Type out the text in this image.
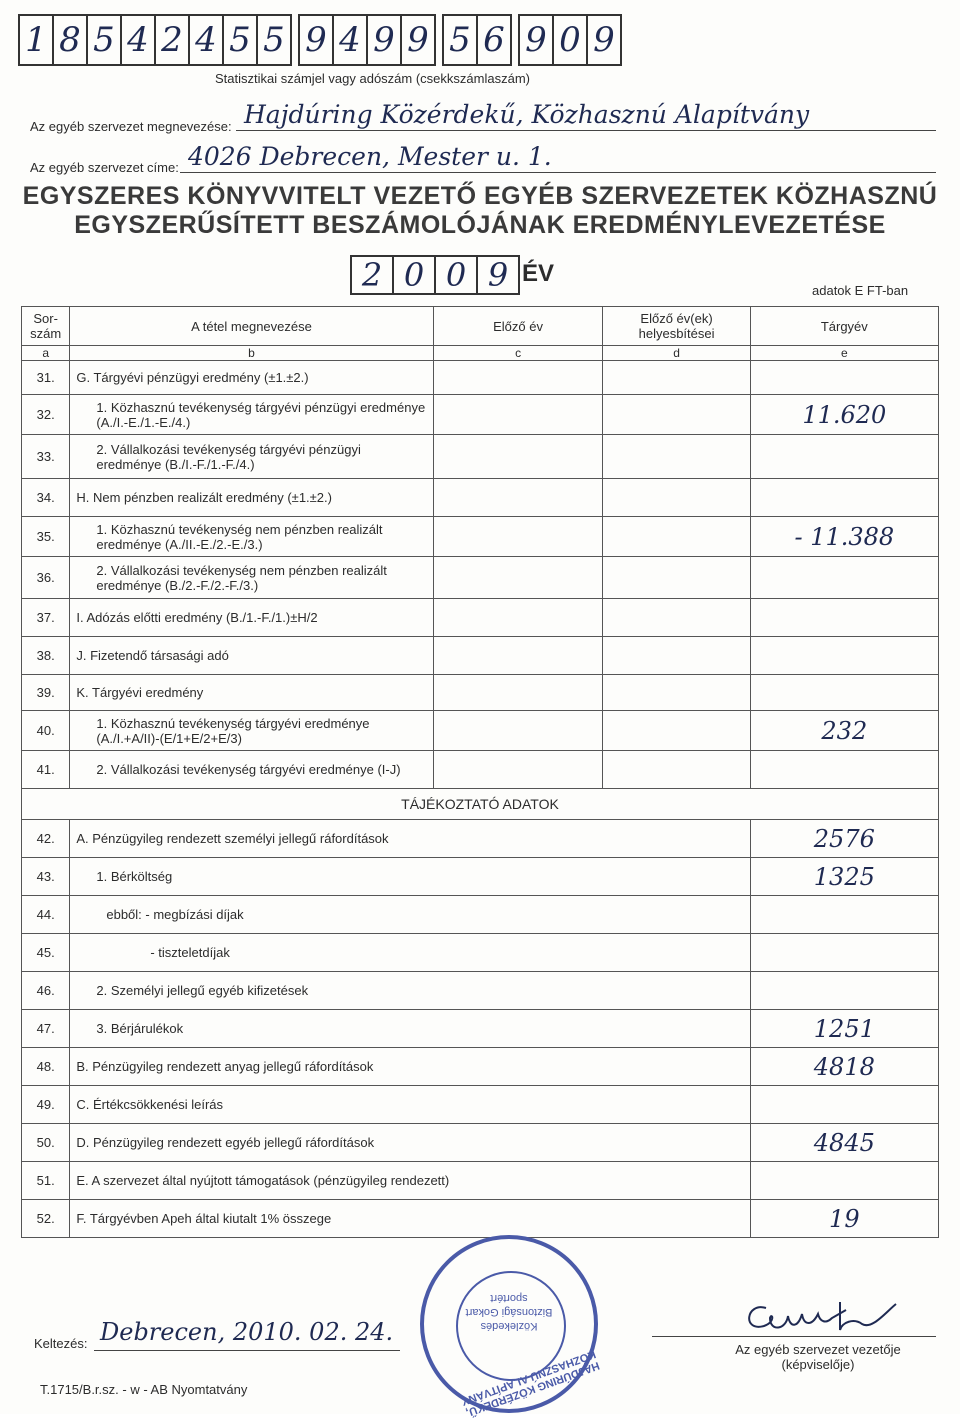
1 8 5 4 2 4 5 5 9 4 9 9 5 6 9 0 9
Statisztikai számjel vagy adószám (csekkszámlaszám)
Az egyéb szervezet megnevezése: Hajdúring Közérdekű, Közhasznú Alapítvány
Az egyéb szervezet címe: 4026 Debrecen, Mester u. 1.
EGYSZERES KÖNYVVITELT VEZETŐ EGYÉB SZERVEZETEK KÖZHASZNÚ
EGYSZERŰSÍTETT BESZÁMOLÓJÁNAK EREDMÉNYLEVEZETÉSE
2 0 0 9 ÉV
adatok E FT-ban
Sor-szám	A tétel megnevezése	Előző év	Előző év(ek) helyesbítései	Tárgyév
a	b	c	d	e
31.	G. Tárgyévi pénzügyi eredmény (±1.±2.)			
32.	1. Közhasznú tevékenység tárgyévi pénzügyi eredménye (A./I.-E./1.-E./4.)			11.620
33.	2. Vállalkozási tevékenység tárgyévi pénzügyi eredménye (B./I.-F./1.-F./4.)			
34.	H. Nem pénzben realizált eredmény (±1.±2.)			
35.	1. Közhasznú tevékenység nem pénzben realizált eredménye (A./II.-E./2.-E./3.)			- 11.388
36.	2. Vállalkozási tevékenység nem pénzben realizált eredménye (B./2.-F./2.-F./3.)			
37.	I. Adózás előtti eredmény (B./1.-F./1.)±H/2			
38.	J. Fizetendő társasági adó			
39.	K. Tárgyévi eredmény			
40.	1. Közhasznú tevékenység tárgyévi eredménye (A./I.+A/II)-(E/1+E/2+E/3)			232
41.	2. Vállalkozási tevékenység tárgyévi eredménye (I-J)			
TÁJÉKOZTATÓ ADATOK				
42.	A. Pénzügyileg rendezett személyi jellegű ráfordítások			2576
43.	1. Bérköltség			1325
44.	ebből: - megbízási díjak			
45.	- tiszteletdíjak			
46.	2. Személyi jellegű egyéb kifizetések			
47.	3. Bérjárulékok			1251
48.	B. Pénzügyileg rendezett anyag jellegű ráfordítások			4818
49.	C. Értékcsökkenési leírás			
50.	D. Pénzügyileg rendezett egyéb jellegű ráfordítások			4845
51.	E. A szervezet által nyújtott támogatások (pénzügyileg rendezett)			
52.	F. Tárgyévben Apeh által kiutalt 1% összege			19
Keltezés: Debrecen, 2010. 02. 24.
Az egyéb szervezet vezetője (képviselője)
T.1715/B.r.sz. - w - AB Nyomtatvány	HAJDÚRING KÖZÉRDEKŰ, KÖZHASZNÚ ALAPÍTVÁNY
Közlekedés Biztonsági Gokart sportért
